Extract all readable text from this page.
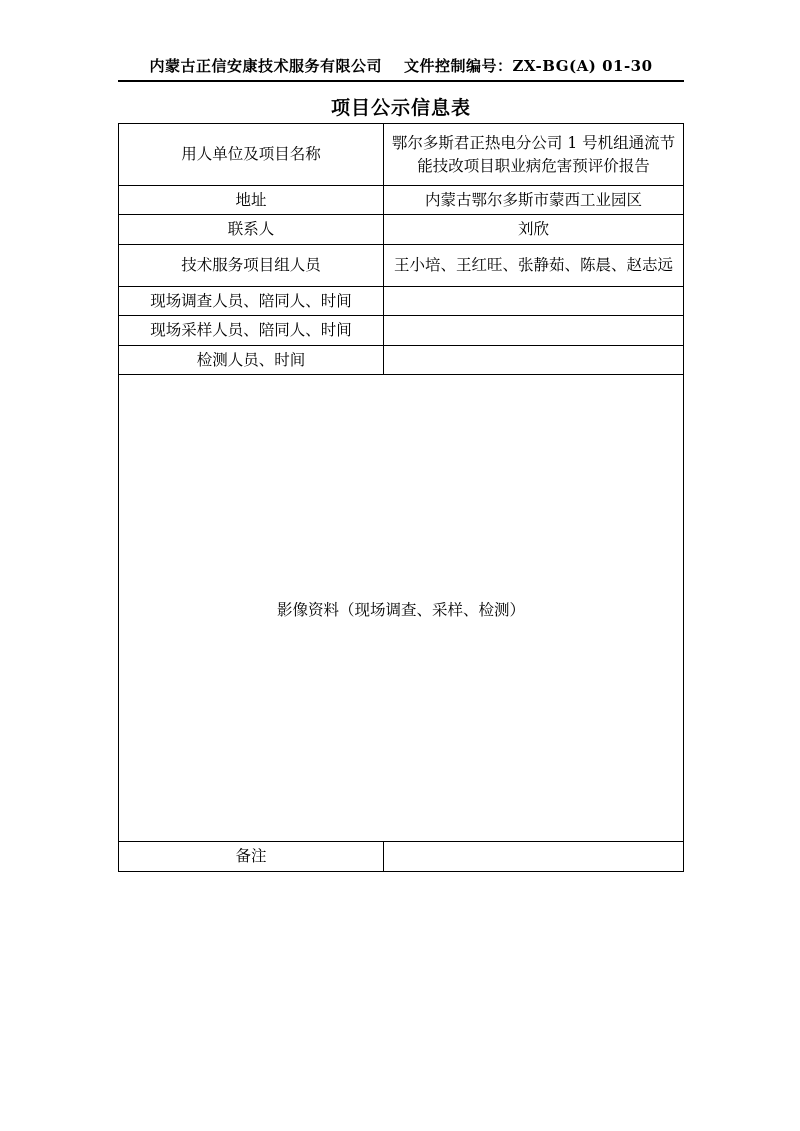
内蒙古正信安康技术服务有限公司 文件控制编号：ZX-BG(A) 01-30
项目公示信息表
用人单位及项目名称	鄂尔多斯君正热电分公司 1 号机组通流节能技改项目职业病危害预评价报告
地址	内蒙古鄂尔多斯市蒙西工业园区
联系人	刘欣
技术服务项目组人员	王小培、王红旺、张静茹、陈晨、赵志远
现场调查人员、陪同人、时间	
现场采样人员、陪同人、时间	
检测人员、时间	

影像资料（现场调查、采样、检测）	

备注	
